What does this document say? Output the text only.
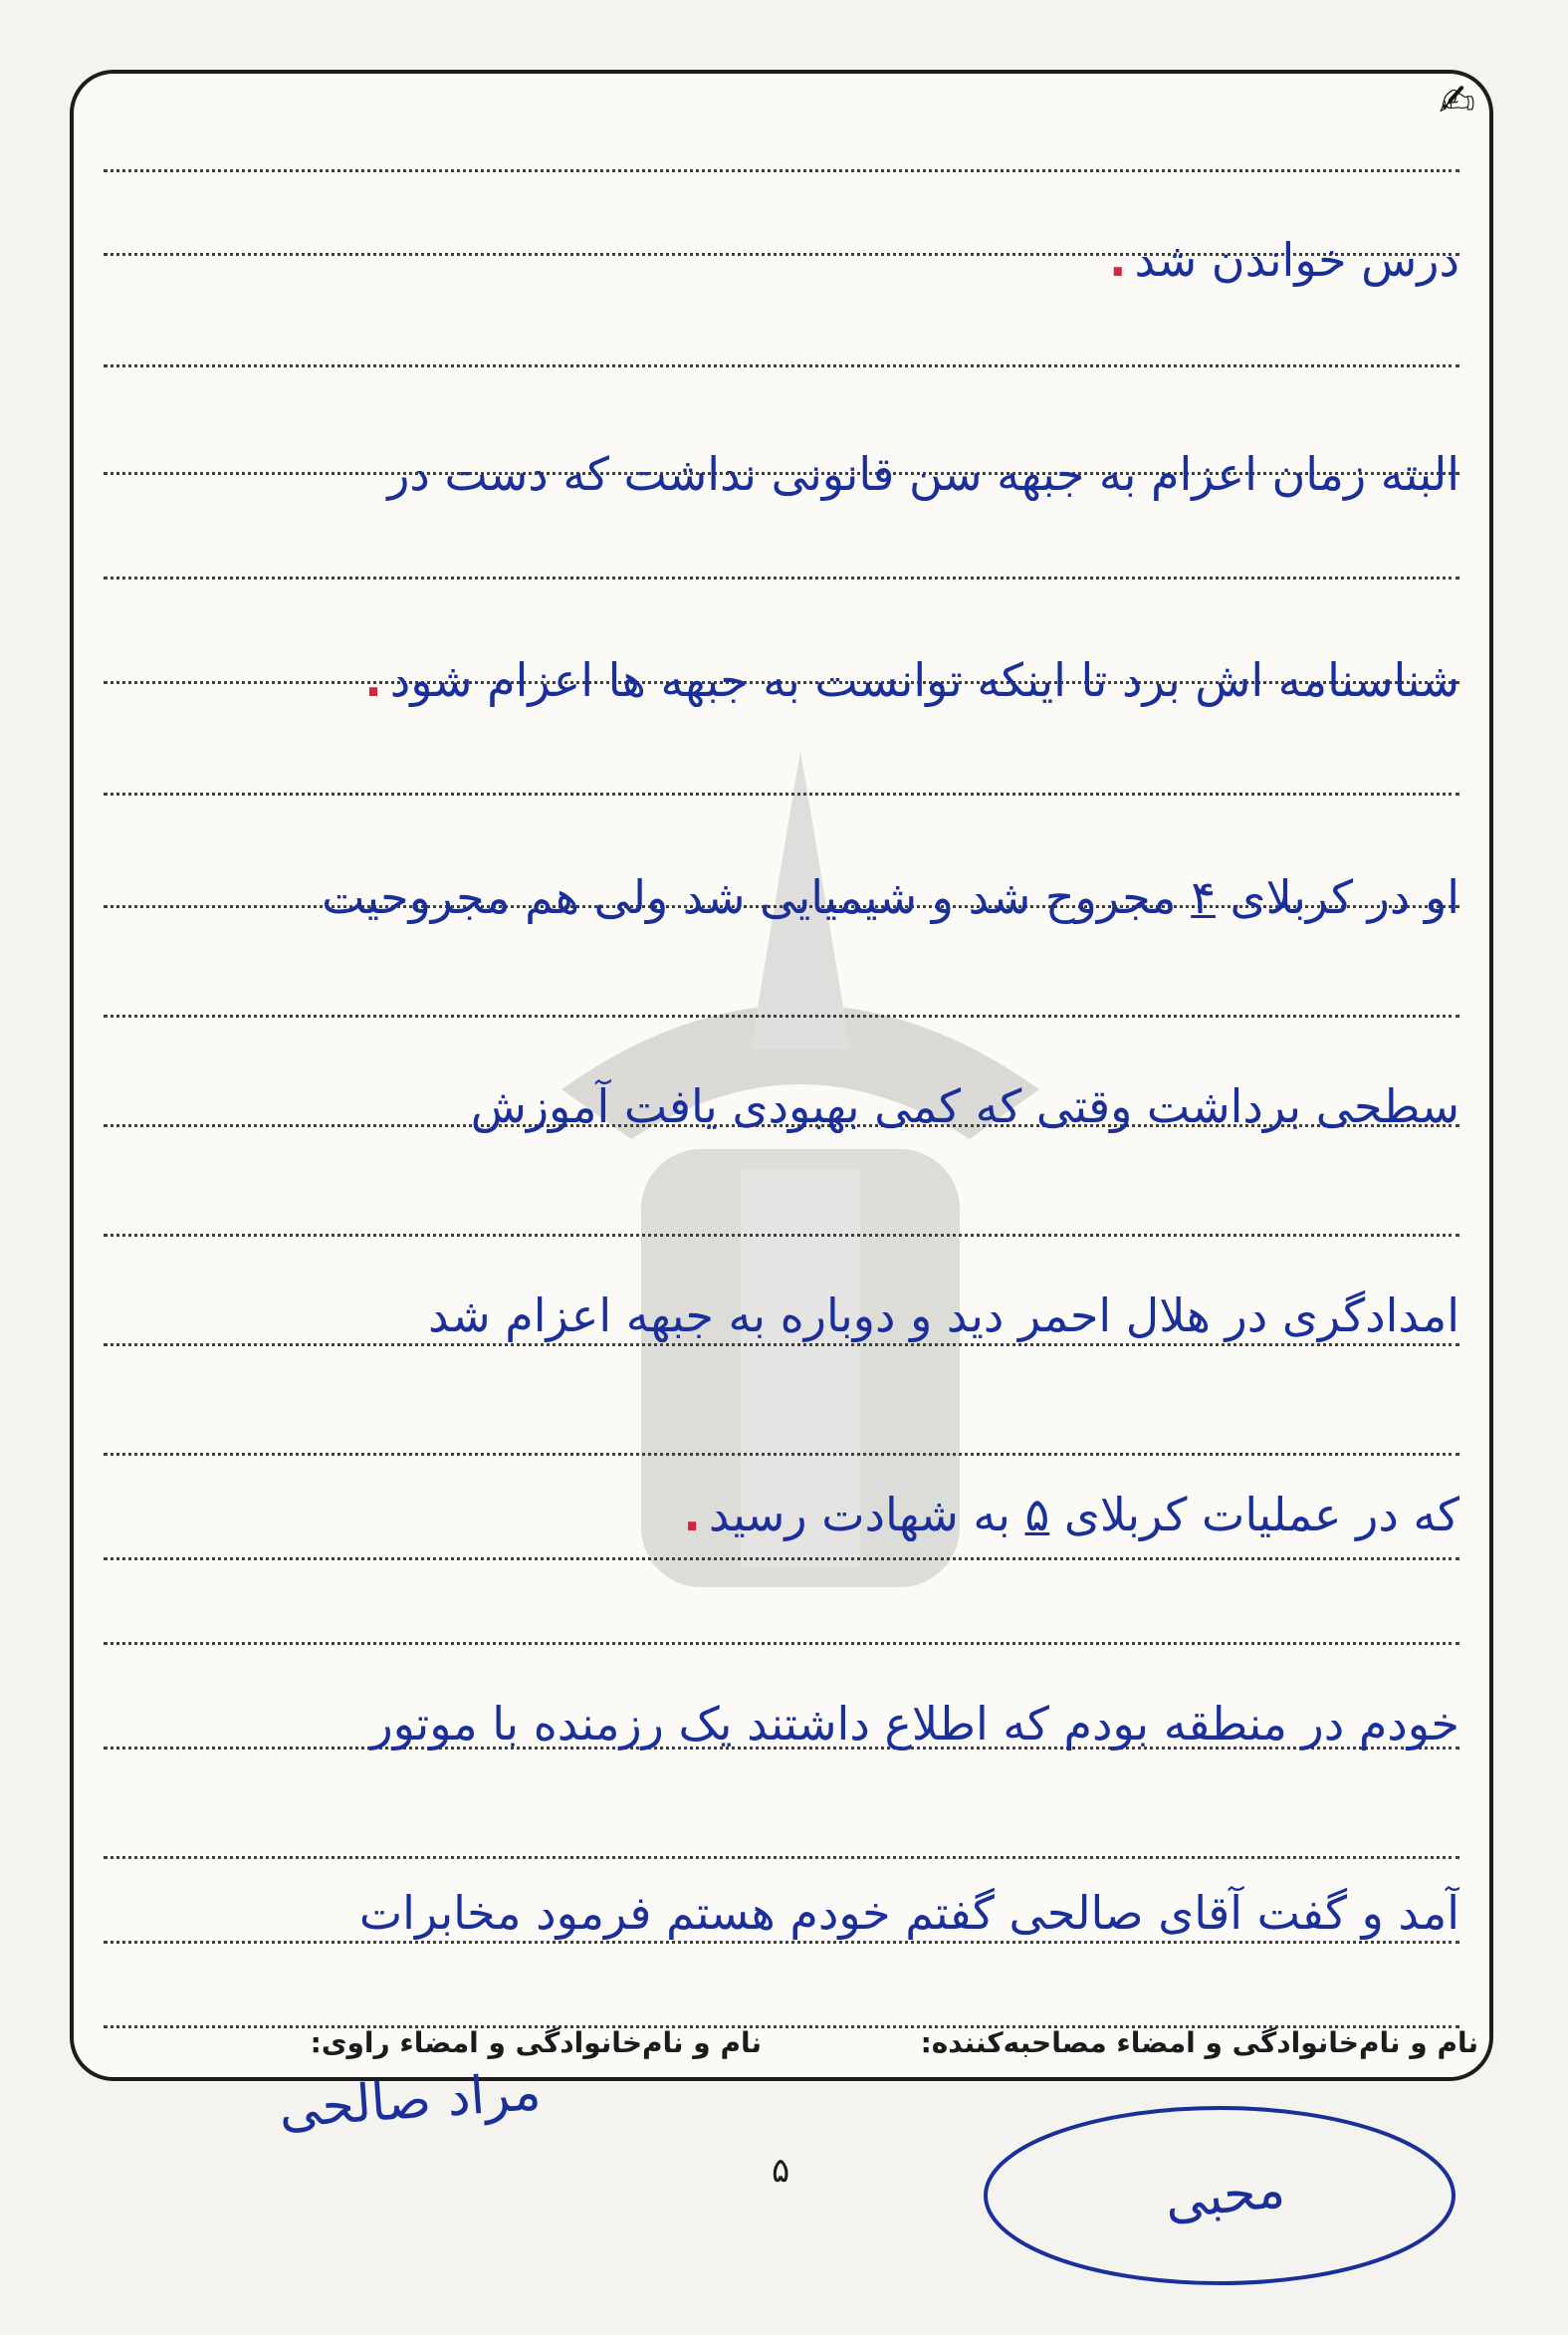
✍
درس خواندن شد.
البته زمان اعزام به جبهه سن قانونی نداشت که دست در
شناسنامه اش برد تا اینکه توانست به جبهه ها اعزام شود.
او در کربلای ۴ مجروح شد و شیمیایی شد ولی هم مجروحیت
سطحی برداشت وقتی که کمی بهبودی یافت آموزش
امدادگری در هلال احمر دید و دوباره به جبهه اعزام شد
که در عملیات کربلای ۵ به شهادت رسید.
خودم در منطقه بودم که اطلاع داشتند یک رزمنده با موتور
آمد و گفت آقای صالحی گفتم خودم هستم فرمود مخابرات
نام و نام‌خانوادگی و امضاء مصاحبه‌کننده:
نام و نام‌خانوادگی و امضاء راوی:
مراد صالحی
۵	محبی
